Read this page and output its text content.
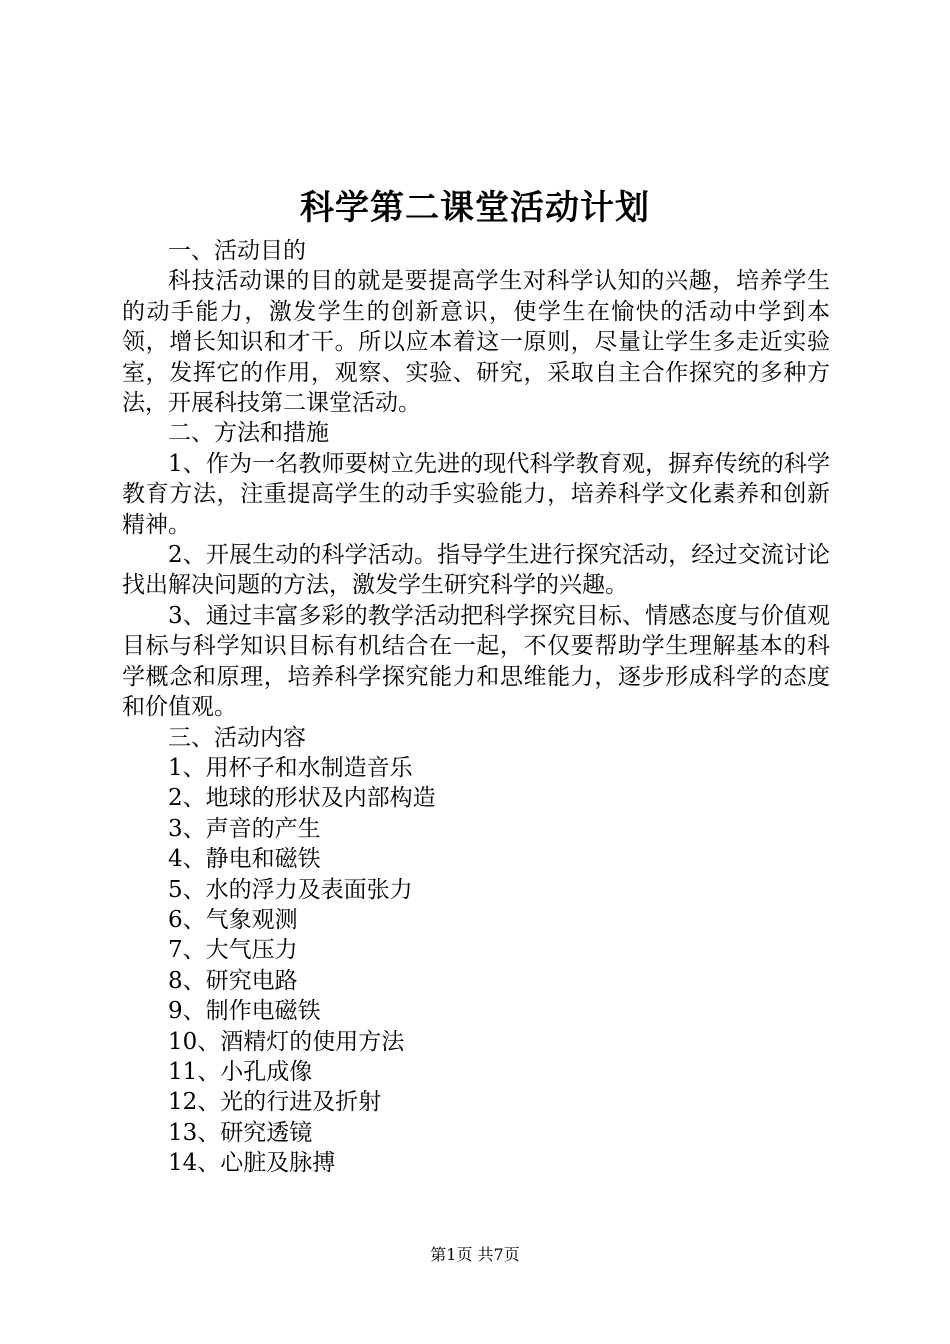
科学第二课堂活动计划

一、活动目的

科技活动课的目的就是要提高学生对科学认知的兴趣，培养学生的动手能力，激发学生的创新意识，使学生在愉快的活动中学到本领，增长知识和才干。所以应本着这一原则，尽量让学生多走近实验室，发挥它的作用，观察、实验、研究，采取自主合作探究的多种方法，开展科技第二课堂活动。

二、方法和措施

1、作为一名教师要树立先进的现代科学教育观，摒弃传统的科学教育方法，注重提高学生的动手实验能力，培养科学文化素养和创新精神。

2、开展生动的科学活动。指导学生进行探究活动，经过交流讨论找出解决问题的方法，激发学生研究科学的兴趣。

3、通过丰富多彩的教学活动把科学探究目标、情感态度与价值观目标与科学知识目标有机结合在一起，不仅要帮助学生理解基本的科学概念和原理，培养科学探究能力和思维能力，逐步形成科学的态度和价值观。

三、活动内容

1、用杯子和水制造音乐

2、地球的形状及内部构造

3、声音的产生

4、静电和磁铁

5、水的浮力及表面张力

6、气象观测

7、大气压力

8、研究电路

9、制作电磁铁

10、酒精灯的使用方法

11、小孔成像

12、光的行进及折射

13、研究透镜

14、心脏及脉搏

第1页 共7页
